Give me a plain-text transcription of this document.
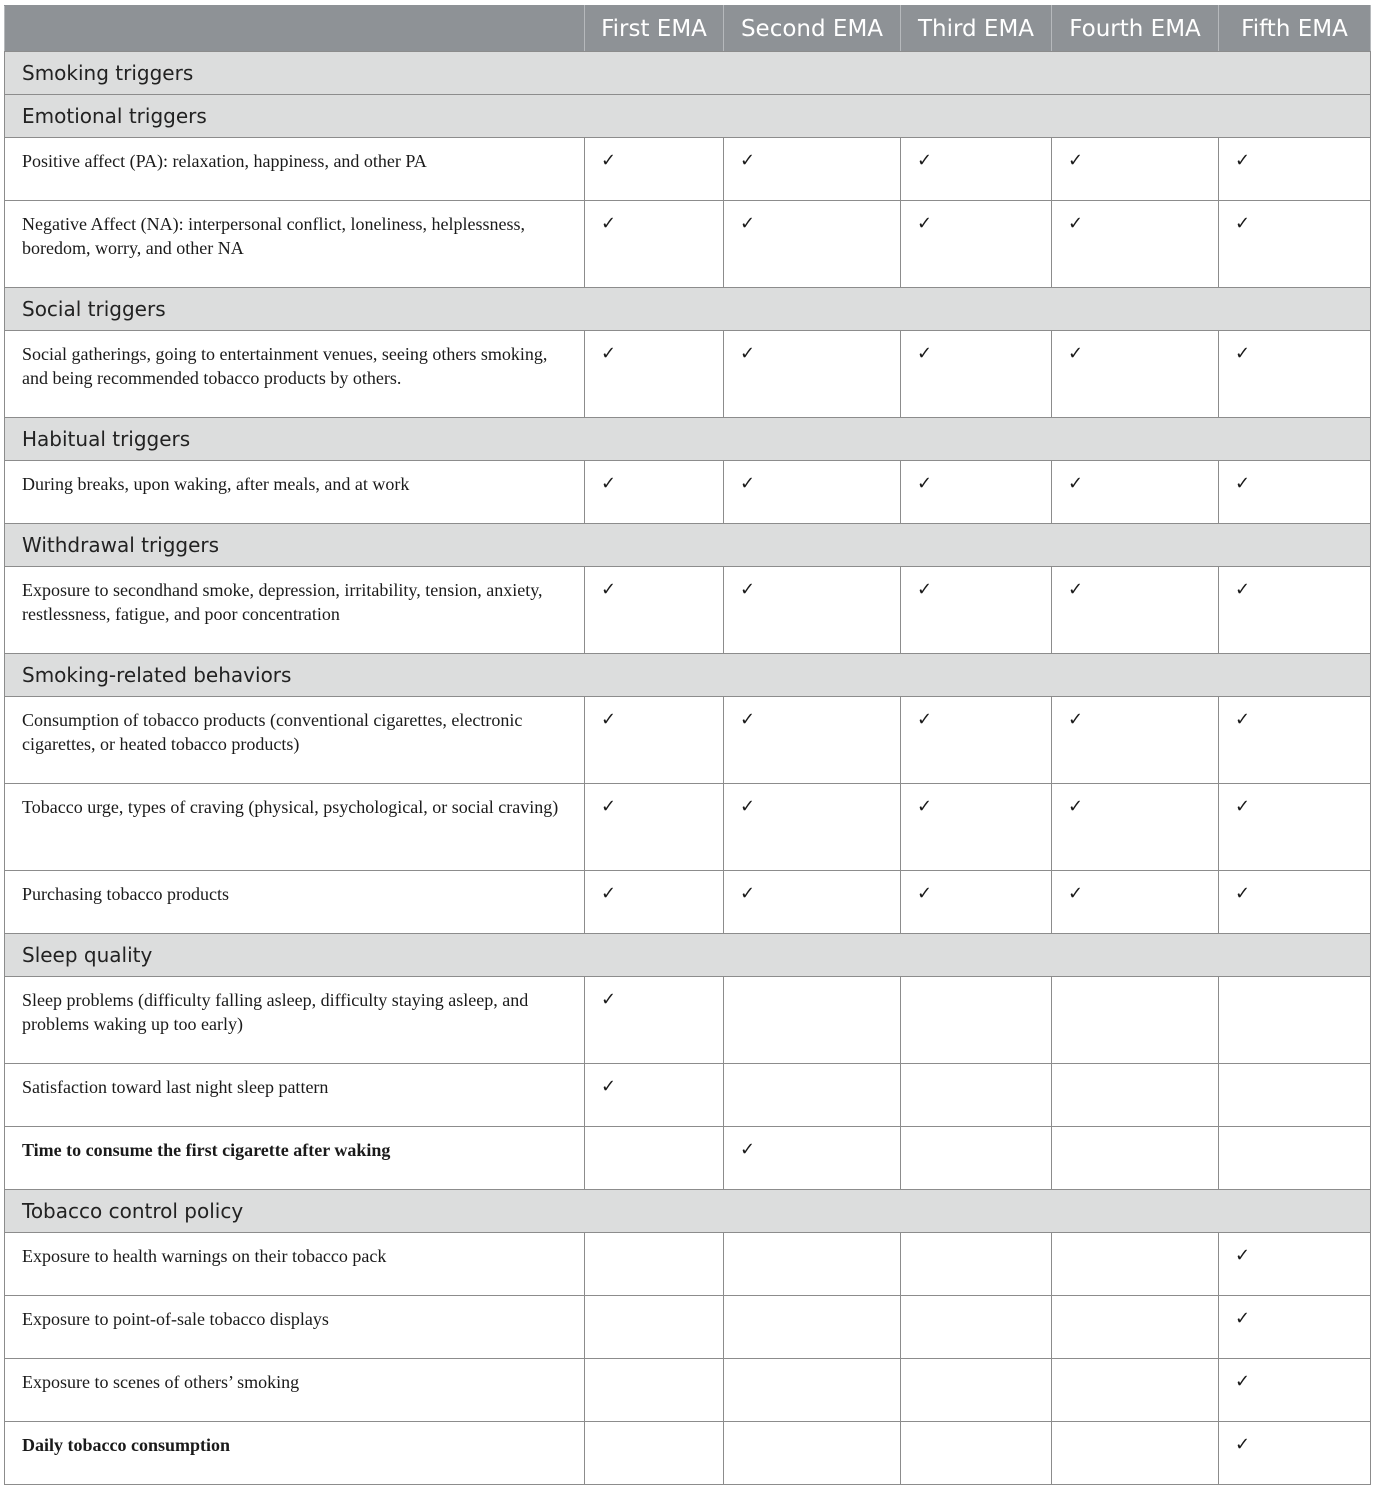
	First EMA	Second EMA	Third EMA	Fourth EMA	Fifth EMA
Smoking triggers					
Emotional triggers					
Positive affect (PA): relaxation, happiness, and other PA	✓	✓	✓	✓	✓
Negative Affect (NA): interpersonal conflict, loneliness, helplessness, boredom, worry, and other NA	✓	✓	✓	✓	✓
Social triggers					
Social gatherings, going to entertainment venues, seeing others smoking, and being recommended tobacco products by others.	✓	✓	✓	✓	✓
Habitual triggers					
During breaks, upon waking, after meals, and at work	✓	✓	✓	✓	✓
Withdrawal triggers					
Exposure to secondhand smoke, depression, irritability, tension, anxiety, restlessness, fatigue, and poor concentration	✓	✓	✓	✓	✓
Smoking-related behaviors					
Consumption of tobacco products (conventional cigarettes, electronic cigarettes, or heated tobacco products)	✓	✓	✓	✓	✓
Tobacco urge, types of craving (physical, psychological, or social craving)	✓	✓	✓	✓	✓
Purchasing tobacco products	✓	✓	✓	✓	✓
Sleep quality					
Sleep problems (difficulty falling asleep, difficulty staying asleep, and problems waking up too early)	✓				
Satisfaction toward last night sleep pattern	✓				
Time to consume the first cigarette after waking		✓			
Tobacco control policy					
Exposure to health warnings on their tobacco pack					✓
Exposure to point-of-sale tobacco displays					✓
Exposure to scenes of others’ smoking					✓
Daily tobacco consumption					✓
